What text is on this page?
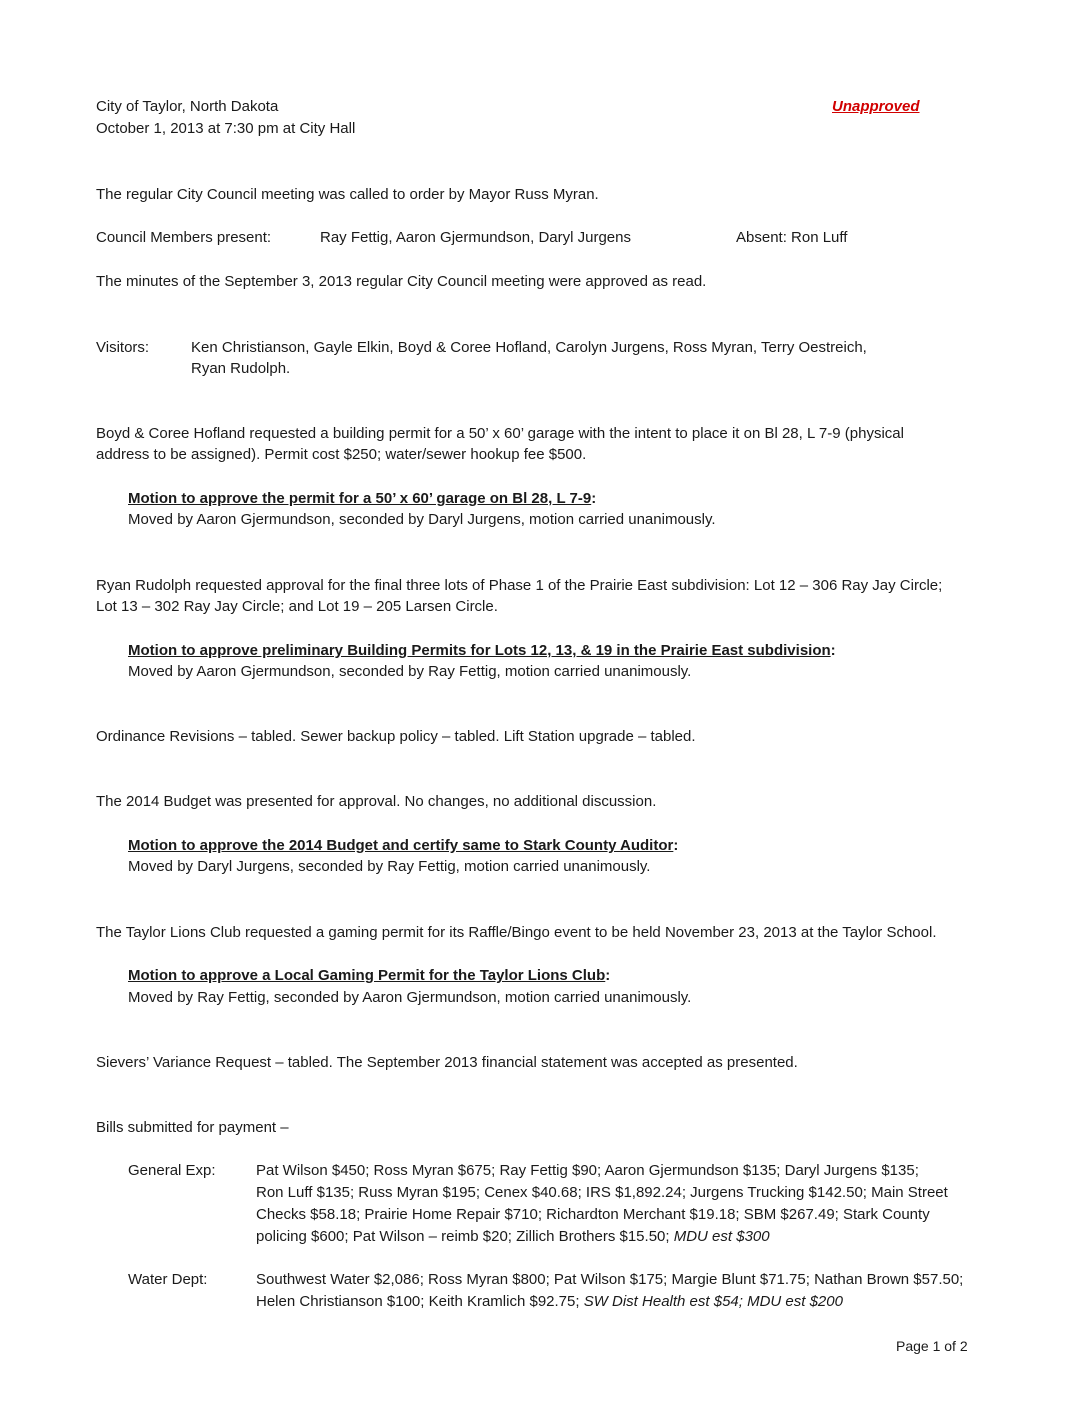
City of Taylor, North Dakota	Unapproved
October 1, 2013 at 7:30 pm at City Hall
The regular City Council meeting was called to order by Mayor Russ Myran.
Council Members present:	Ray Fettig, Aaron Gjermundson, Daryl Jurgens	Absent: Ron Luff
The minutes of the September 3, 2013 regular City Council meeting were approved as read.
Visitors:	Ken Christianson, Gayle Elkin, Boyd & Coree Hofland, Carolyn Jurgens, Ross Myran, Terry Oestreich,
Ryan Rudolph.
Boyd & Coree Hofland requested a building permit for a 50’ x 60’ garage with the intent to place it on Bl 28, L 7-9 (physical
address to be assigned). Permit cost $250; water/sewer hookup fee $500.
Motion to approve the permit for a 50’ x 60’ garage on Bl 28, L 7-9:
Moved by Aaron Gjermundson, seconded by Daryl Jurgens, motion carried unanimously.
Ryan Rudolph requested approval for the final three lots of Phase 1 of the Prairie East subdivision: Lot 12 – 306 Ray Jay Circle;
Lot 13 – 302 Ray Jay Circle; and Lot 19 – 205 Larsen Circle.
Motion to approve preliminary Building Permits for Lots 12, 13, & 19 in the Prairie East subdivision:
Moved by Aaron Gjermundson, seconded by Ray Fettig, motion carried unanimously.
Ordinance Revisions – tabled. Sewer backup policy – tabled. Lift Station upgrade – tabled.
The 2014 Budget was presented for approval. No changes, no additional discussion.
Motion to approve the 2014 Budget and certify same to Stark County Auditor:
Moved by Daryl Jurgens, seconded by Ray Fettig, motion carried unanimously.
The Taylor Lions Club requested a gaming permit for its Raffle/Bingo event to be held November 23, 2013 at the Taylor School.
Motion to approve a Local Gaming Permit for the Taylor Lions Club:
Moved by Ray Fettig, seconded by Aaron Gjermundson, motion carried unanimously.
Sievers’ Variance Request – tabled. The September 2013 financial statement was accepted as presented.
Bills submitted for payment –
General Exp:	Pat Wilson $450; Ross Myran $675; Ray Fettig $90; Aaron Gjermundson $135; Daryl Jurgens $135;
Ron Luff $135; Russ Myran $195; Cenex $40.68; IRS $1,892.24; Jurgens Trucking $142.50; Main Street
Checks $58.18; Prairie Home Repair $710; Richardton Merchant $19.18; SBM $267.49; Stark County
policing $600; Pat Wilson – reimb $20; Zillich Brothers $15.50; MDU est $300
Water Dept:	Southwest Water $2,086; Ross Myran $800; Pat Wilson $175; Margie Blunt $71.75; Nathan Brown $57.50;
Helen Christianson $100; Keith Kramlich $92.75; SW Dist Health est $54; MDU est $200
Page 1 of 2
